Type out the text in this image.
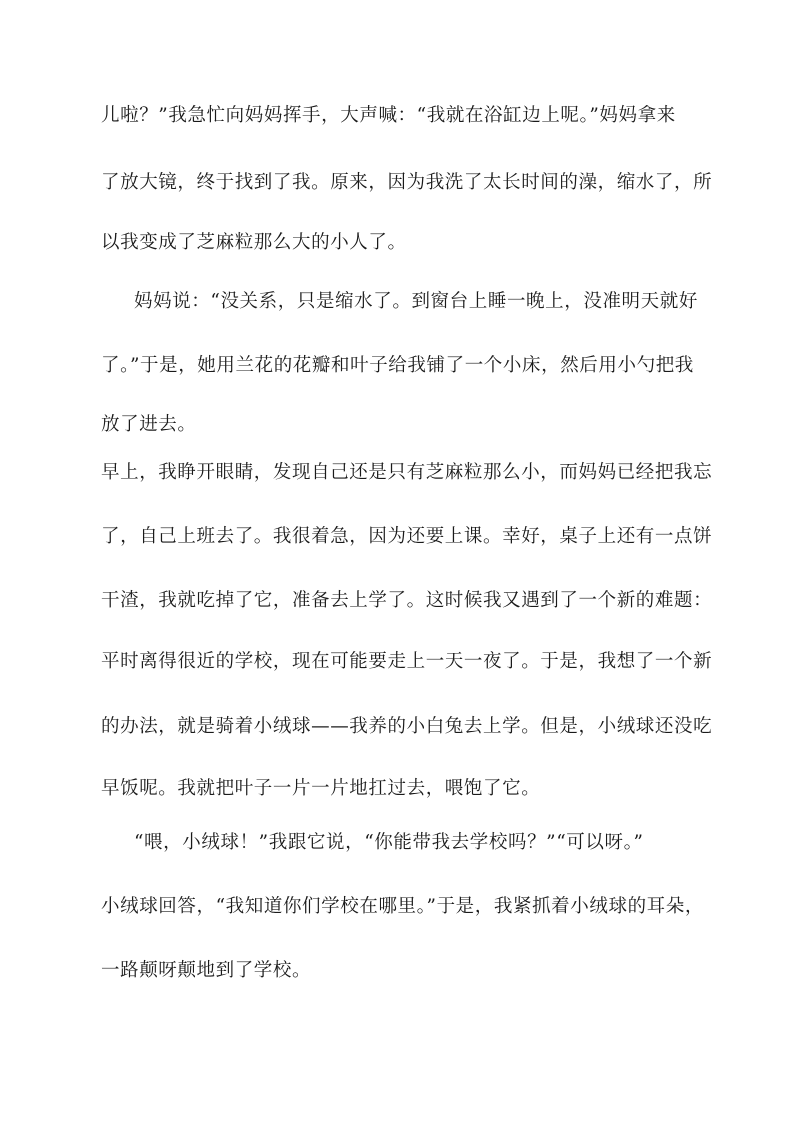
儿啦？”我急忙向妈妈挥手，大声喊：“我就在浴缸边上呢。”妈妈拿来
了放大镜，终于找到了我。原来，因为我洗了太长时间的澡，缩水了，所
以我变成了芝麻粒那么大的小人了。
妈妈说：“没关系，只是缩水了。到窗台上睡一晚上，没准明天就好
了。”于是，她用兰花的花瓣和叶子给我铺了一个小床，然后用小勺把我
放了进去。
早上，我睁开眼睛，发现自己还是只有芝麻粒那么小，而妈妈已经把我忘
了，自己上班去了。我很着急，因为还要上课。幸好，桌子上还有一点饼
干渣，我就吃掉了它，准备去上学了。这时候我又遇到了一个新的难题：
平时离得很近的学校，现在可能要走上一天一夜了。于是，我想了一个新
的办法，就是骑着小绒球——我养的小白兔去上学。但是，小绒球还没吃
早饭呢。我就把叶子一片一片地扛过去，喂饱了它。
“喂，小绒球！”我跟它说，“你能带我去学校吗？”“可以呀。”
小绒球回答，“我知道你们学校在哪里。”于是，我紧抓着小绒球的耳朵，
一路颠呀颠地到了学校。
